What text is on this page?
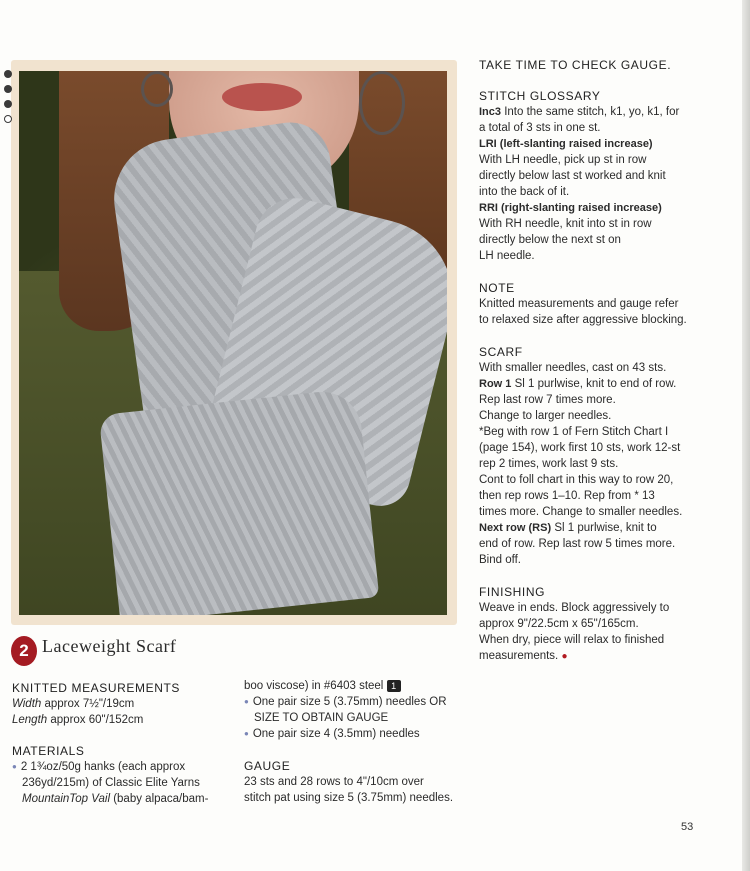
2 Laceweight Scarf
KNITTED MEASUREMENTS
Width approx 7½"/19cm
Length approx 60"/152cm
MATERIALS
● 2 1¾oz/50g hanks (each approx
236yd/215m) of Classic Elite Yarns
MountainTop Vail (baby alpaca/bam-
boo viscose) in #6403 steel 1
● One pair size 5 (3.75mm) needles OR
SIZE TO OBTAIN GAUGE
● One pair size 4 (3.5mm) needles
GAUGE
23 sts and 28 rows to 4"/10cm over
stitch pat using size 5 (3.75mm) needles.
TAKE TIME TO CHECK GAUGE.
STITCH GLOSSARY
Inc3 Into the same stitch, k1, yo, k1, for
a total of 3 sts in one st.
LRI (left-slanting raised increase)
With LH needle, pick up st in row
directly below last st worked and knit
into the back of it.
RRI (right-slanting raised increase)
With RH needle, knit into st in row
directly below the next st on
LH needle.
NOTE
Knitted measurements and gauge refer
to relaxed size after aggressive blocking.
SCARF
With smaller needles, cast on 43 sts.
Row 1 Sl 1 purlwise, knit to end of row.
Rep last row 7 times more.
Change to larger needles.
*Beg with row 1 of Fern Stitch Chart I
(page 154), work first 10 sts, work 12-st
rep 2 times, work last 9 sts.
Cont to foll chart in this way to row 20,
then rep rows 1–10. Rep from * 13
times more. Change to smaller needles.
Next row (RS) Sl 1 purlwise, knit to
end of row. Rep last row 5 times more.
Bind off.
FINISHING
Weave in ends. Block aggressively to
approx 9"/22.5cm x 65"/165cm.
When dry, piece will relax to finished
measurements. ●
53
